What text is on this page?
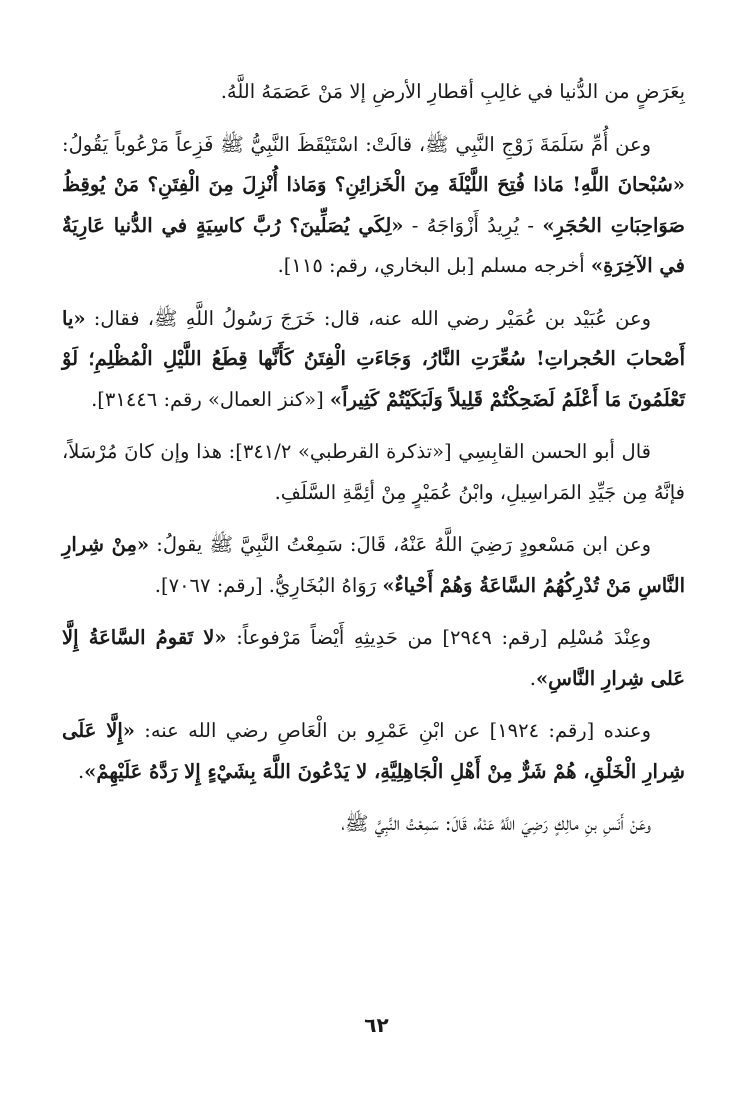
بِعَرَضٍ من الدُّنيا في غالِبِ أقطارِ الأرضِ إلا مَنْ عَصَمَهُ اللَّهُ.

وعن أُمِّ سَلَمَةَ زَوْجِ النَّبِي ﷺ، قالَتْ: اسْتَيْقَظَ النَّبِيُّ ﷺ فَزِعاً مَرْعُوباً يَقُولُ: «سُبْحانَ اللَّهِ! مَاذا فُتِحَ اللَّيْلَةَ مِنَ الْخَزائِنِ؟ وَمَاذا أُنْزِلَ مِنَ الْفِتَنِ؟ مَنْ يُوقِظُ صَوَاحِبَاتِ الحُجَرِ» - يُرِيدُ أَزْوَاجَهُ - «لِكَي يُصَلِّينَ؟ رُبَّ كاسِيَةٍ في الدُّنيا عَارِيَةٌ في الآخِرَةِ» أخرجه مسلم [بل البخاري، رقم: ١١٥].

وعن عُبَيْد بن عُمَيْر رضي الله عنه، قال: خَرَجَ رَسُولُ اللَّهِ ﷺ، فقال: «يا أَصْحابَ الحُجراتِ! سُعِّرَتِ النَّارُ، وَجَاءَتِ الْفِتَنُ كَأَنَّها قِطَعُ اللَّيْلِ الْمُظْلِمِ؛ لَوْ تَعْلَمُونَ مَا أَعْلَمُ لَضَحِكْتُمْ قَلِيلاً وَلَبَكَيْتُمْ كَثِيراً» [«كنز العمال» رقم: ٣١٤٤٦].

قال أبو الحسن القابِسِي [«تذكرة القرطبي» ٣٤١/٢]: هذا وإن كانَ مُرْسَلاً، فإنَّهُ مِن جَيِّدِ المَراسِيلِ، وابْنُ عُمَيْرٍ مِنْ أئِمَّةِ السَّلَفِ.

وعن ابن مَسْعودٍ رَضِيَ اللَّهُ عَنْهُ، قَالَ: سَمِعْتُ النَّبِيَّ ﷺ يقولُ: «مِنْ شِرارِ النَّاسِ مَنْ تُدْرِكُهُمُ السَّاعَةُ وَهُمْ أَحْياءٌ» رَوَاهُ البُخَارِيُّ. [رقم: ٧٠٦٧].

وعِنْدَ مُسْلِم [رقم: ٢٩٤٩] من حَدِيثِهِ أَيْضاً مَرْفوعاً: «لا تَقومُ السَّاعَةُ إِلَّا عَلى شِرارِ النَّاسِ».

وعنده [رقم: ١٩٢٤] عن ابْنِ عَمْرِو بن الْعَاصِ رضي الله عنه: «إِلَّا عَلَى شِرارِ الْخَلْقِ، هُمْ شَرٌّ مِنْ أَهْلِ الْجَاهِلِيَّةِ، لا يَدْعُونَ اللَّهَ بِشَيْءٍ إِلا رَدَّهُ عَلَيْهِمْ».

وعَنْ أَنَسِ بنِ مالِكٍ رَضِيَ اللَّهُ عَنْهُ، قَالَ: سَمِعْتُ النَّبِيَّ ﷺ،

٦٢
